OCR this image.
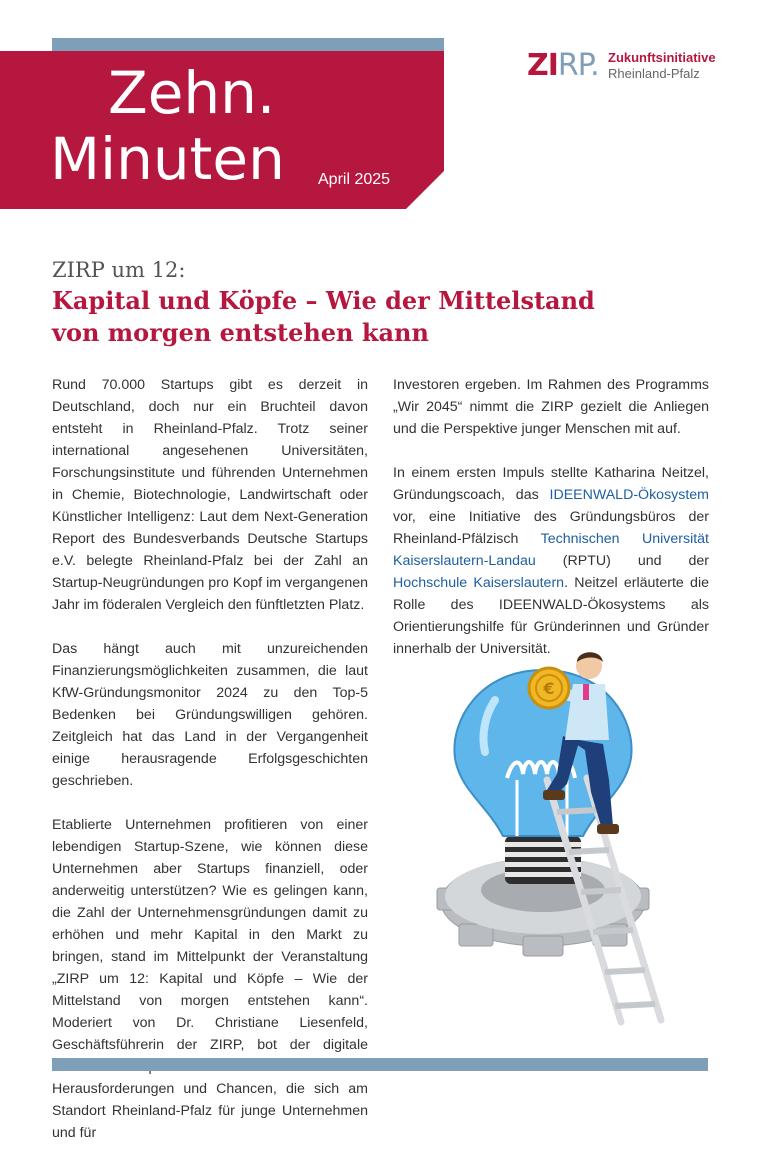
Zehn.
Minuten April 2025
ZIRP. Zukunftsinitiative
Rheinland-Pfalz
ZIRP um 12:
Kapital und Köpfe – Wie der Mittelstand von morgen entstehen kann

Rund 70.000 Startups gibt es derzeit in Deutschland, doch nur ein Bruchteil davon entsteht in Rheinland-Pfalz. Trotz seiner international angesehenen Universitäten, Forschungsinstitute und führenden Unternehmen in Chemie, Biotechnologie, Landwirtschaft oder Künstlicher Intelligenz: Laut dem Next-Generation Report des Bundesverbands Deutsche Startups e.V. belegte Rheinland-Pfalz bei der Zahl an Startup-Neugründungen pro Kopf im vergangenen Jahr im föderalen Vergleich den fünftletzten Platz.

Das hängt auch mit unzureichenden Finanzierungsmöglichkeiten zusammen, die laut KfW-Gründungsmonitor 2024 zu den Top-5 Bedenken bei Gründungswilligen gehören. Zeitgleich hat das Land in der Vergangenheit einige herausragende Erfolgsgeschichten geschrieben.

Etablierte Unternehmen profitieren von einer lebendigen Startup-Szene, wie können diese Unternehmen aber Startups finanziell, oder anderweitig unterstützen? Wie es gelingen kann, die Zahl der Unternehmensgründungen damit zu erhöhen und mehr Kapital in den Markt zu bringen, stand im Mittelpunkt der Veranstaltung „ZIRP um 12: Kapital und Köpfe – Wie der Mittelstand von morgen entstehen kann“. Moderiert von Dr. Christiane Liesenfeld, Geschäftsführerin der ZIRP, bot der digitale Herausforderungen und Chancen, die sich am Standort Rheinland-Pfalz für junge Unternehmen und für

Investoren ergeben. Im Rahmen des Programms „Wir 2045“ nimmt die ZIRP gezielt die Anliegen und die Perspektive junger Menschen mit auf.

In einem ersten Impuls stellte Katharina Neitzel, Gründungscoach, das IDEENWALD-Ökosystem vor, eine Initiative des Gründungsbüros der Rheinland-Pfälzisch Technischen Universität Kaiserslautern-Landau (RPTU) und der Hochschule Kaiserslautern. Neitzel erläuterte die Rolle des IDEENWALD-Ökosystems als Orientierungshilfe für Gründerinnen und Gründer innerhalb der Universität.

€
